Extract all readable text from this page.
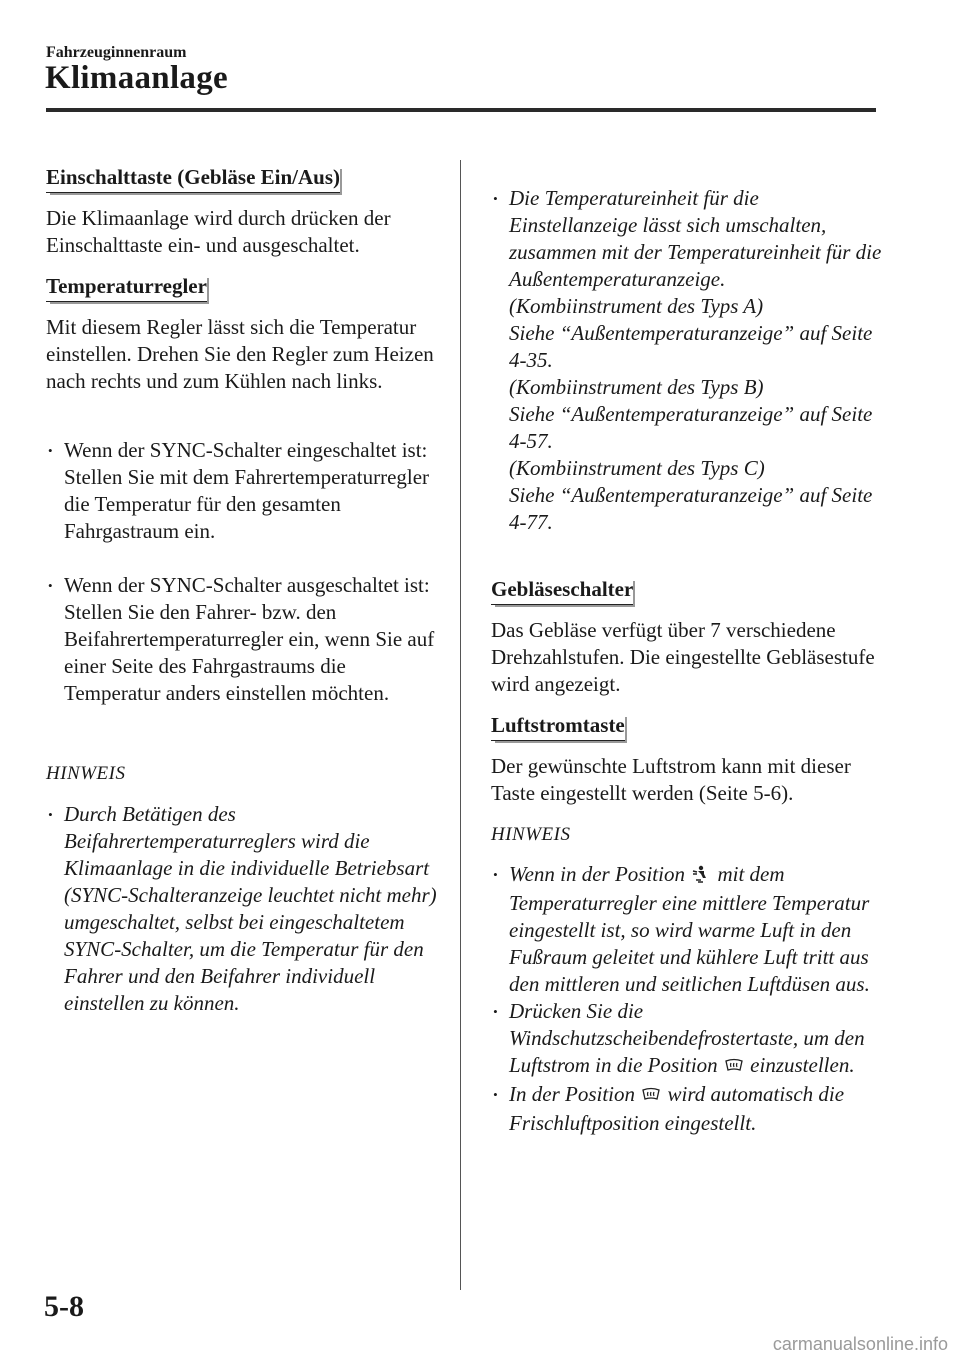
Fahrzeuginnenraum
Klimaanlage
Einschalttaste (Gebläse Ein/Aus)

Die Klimaanlage wird durch drücken der Einschalttaste ein- und ausgeschaltet.

Temperaturregler

Mit diesem Regler lässt sich die Temperatur einstellen. Drehen Sie den Regler zum Heizen nach rechts und zum Kühlen nach links.

• Wenn der SYNC-Schalter eingeschaltet ist:
Stellen Sie mit dem Fahrertemperaturregler die Temperatur für den gesamten Fahrgastraum ein.

• Wenn der SYNC-Schalter ausgeschaltet ist:
Stellen Sie den Fahrer- bzw. den Beifahrertemperaturregler ein, wenn Sie auf einer Seite des Fahrgastraums die Temperatur anders einstellen möchten.

HINWEIS
• Durch Betätigen des Beifahrertemperaturreglers wird die Klimaanlage in die individuelle Betriebsart (SYNC-Schalteranzeige leuchtet nicht mehr) umgeschaltet, selbst bei eingeschaltetem SYNC-Schalter, um die Temperatur für den Fahrer und den Beifahrer individuell einstellen zu können.

• Die Temperatureinheit für die Einstellanzeige lässt sich umschalten, zusammen mit der Temperatureinheit für die Außentemperaturanzeige.
(Kombiinstrument des Typs A)
Siehe “Außentemperaturanzeige” auf Seite 4-35.
(Kombiinstrument des Typs B)
Siehe “Außentemperaturanzeige” auf Seite 4-57.
(Kombiinstrument des Typs C)
Siehe “Außentemperaturanzeige” auf Seite 4-77.

Gebläseschalter

Das Gebläse verfügt über 7 verschiedene Drehzahlstufen. Die eingestellte Gebläsestufe wird angezeigt.

Luftstromtaste

Der gewünschte Luftstrom kann mit dieser Taste eingestellt werden (Seite 5-6).

HINWEIS
• Wenn in der Position mit dem Temperaturregler eine mittlere Temperatur eingestellt ist, so wird warme Luft in den Fußraum geleitet und kühlere Luft tritt aus den mittleren und seitlichen Luftdüsen aus.
• Drücken Sie die Windschutzscheibendefrostertaste, um den Luftstrom in die Position einzustellen.
• In der Position wird automatisch die Frischluftposition eingestellt.
5-8
carmanualsonline.info
